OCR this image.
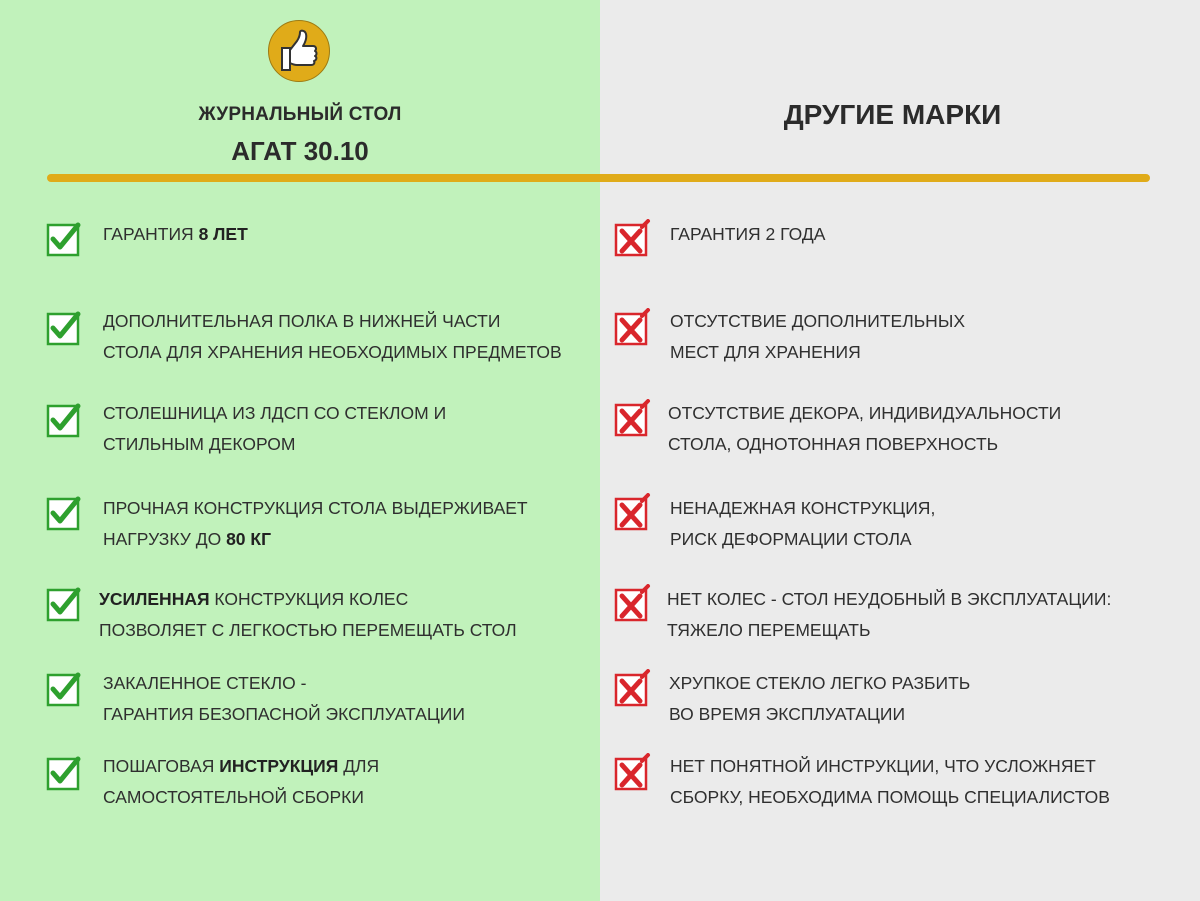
ЖУРНАЛЬНЫЙ СТОЛ
АГАТ 30.10
ДРУГИЕ МАРКИ
ГАРАНТИЯ 8 ЛЕТ
ДОПОЛНИТЕЛЬНАЯ ПОЛКА В НИЖНЕЙ ЧАСТИ
СТОЛА ДЛЯ ХРАНЕНИЯ НЕОБХОДИМЫХ ПРЕДМЕТОВ
СТОЛЕШНИЦА ИЗ ЛДСП СО СТЕКЛОМ И
СТИЛЬНЫМ ДЕКОРОМ
ПРОЧНАЯ КОНСТРУКЦИЯ СТОЛА ВЫДЕРЖИВАЕТ
НАГРУЗКУ ДО 80 КГ
УСИЛЕННАЯ КОНСТРУКЦИЯ КОЛЕС
ПОЗВОЛЯЕТ С ЛЕГКОСТЬЮ ПЕРЕМЕЩАТЬ СТОЛ
ЗАКАЛЕННОЕ СТЕКЛО -
ГАРАНТИЯ БЕЗОПАСНОЙ ЭКСПЛУАТАЦИИ
ПОШАГОВАЯ ИНСТРУКЦИЯ ДЛЯ
САМОСТОЯТЕЛЬНОЙ СБОРКИ
ГАРАНТИЯ 2 ГОДА
ОТСУТСТВИЕ ДОПОЛНИТЕЛЬНЫХ
МЕСТ ДЛЯ ХРАНЕНИЯ
ОТСУТСТВИЕ ДЕКОРА, ИНДИВИДУАЛЬНОСТИ
СТОЛА, ОДНОТОННАЯ ПОВЕРХНОСТЬ
НЕНАДЕЖНАЯ КОНСТРУКЦИЯ,
РИСК ДЕФОРМАЦИИ СТОЛА
НЕТ КОЛЕС - СТОЛ НЕУДОБНЫЙ В ЭКСПЛУАТАЦИИ:
ТЯЖЕЛО ПЕРЕМЕЩАТЬ
ХРУПКОЕ СТЕКЛО ЛЕГКО РАЗБИТЬ
ВО ВРЕМЯ ЭКСПЛУАТАЦИИ
НЕТ ПОНЯТНОЙ ИНСТРУКЦИИ, ЧТО УСЛОЖНЯЕТ
СБОРКУ, НЕОБХОДИМА ПОМОЩЬ СПЕЦИАЛИСТОВ
